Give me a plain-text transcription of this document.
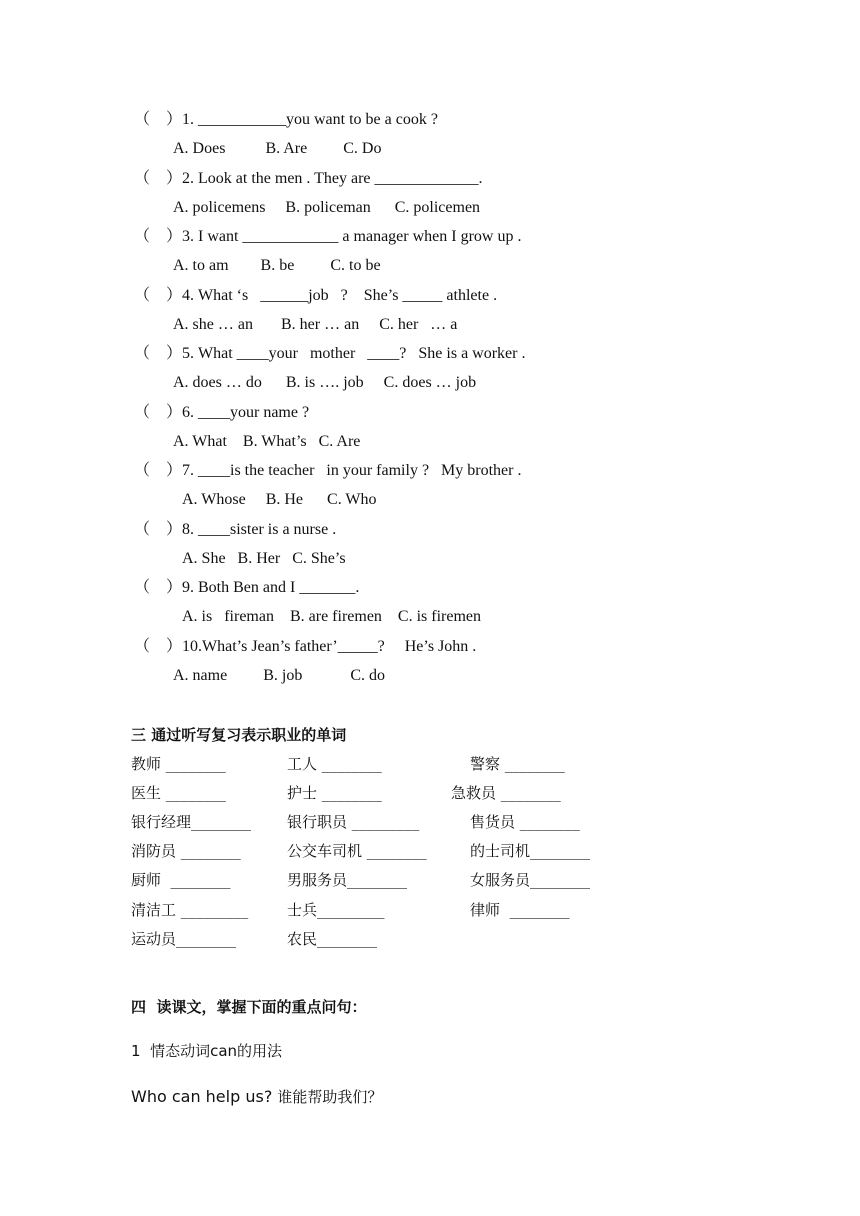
（　）1. ___________you want to be a cook ?
A. Does          B. Are         C. Do
（　）2. Look at the men . They are _____________.
A. policemens     B. policeman      C. policemen
（　）3. I want ____________ a manager when I grow up .
A. to am        B. be         C. to be
（　）4. What ‘s   ______job   ?    She’s _____ athlete .
A. she … an       B. her … an     C. her   … a
（　）5. What ____your   mother   ____?   She is a worker .
A. does … do      B. is …. job     C. does … job
（　）6. ____your name ?
A. What    B. What’s   C. Are
（　）7. ____is the teacher   in your family ?   My brother .
A. Whose     B. He      C. Who
（　）8. ____sister is a nurse .
A. She   B. Her   C. She’s
（　）9. Both Ben and I _______.
A. is   fireman    B. are firemen    C. is firemen
（　）10.What’s Jean’s father’_____?     He’s John .
A. name         B. job            C. do
三 通过听写复习表示职业的单词
教师 ________	工人 ________	警察 ________
医生 ________	护士 ________	急救员 ________
银行经理________ 银行职员 _________	售货员 ________
消防员 ________	公交车司机 ________	的士司机________
厨师  ________	男服务员________	女服务员________
清洁工 _________	士兵_________	律师  ________
运动员________	农民________
四  读课文，掌握下面的重点问句：
1  情态动词can的用法
Who can help us? 谁能帮助我们？
